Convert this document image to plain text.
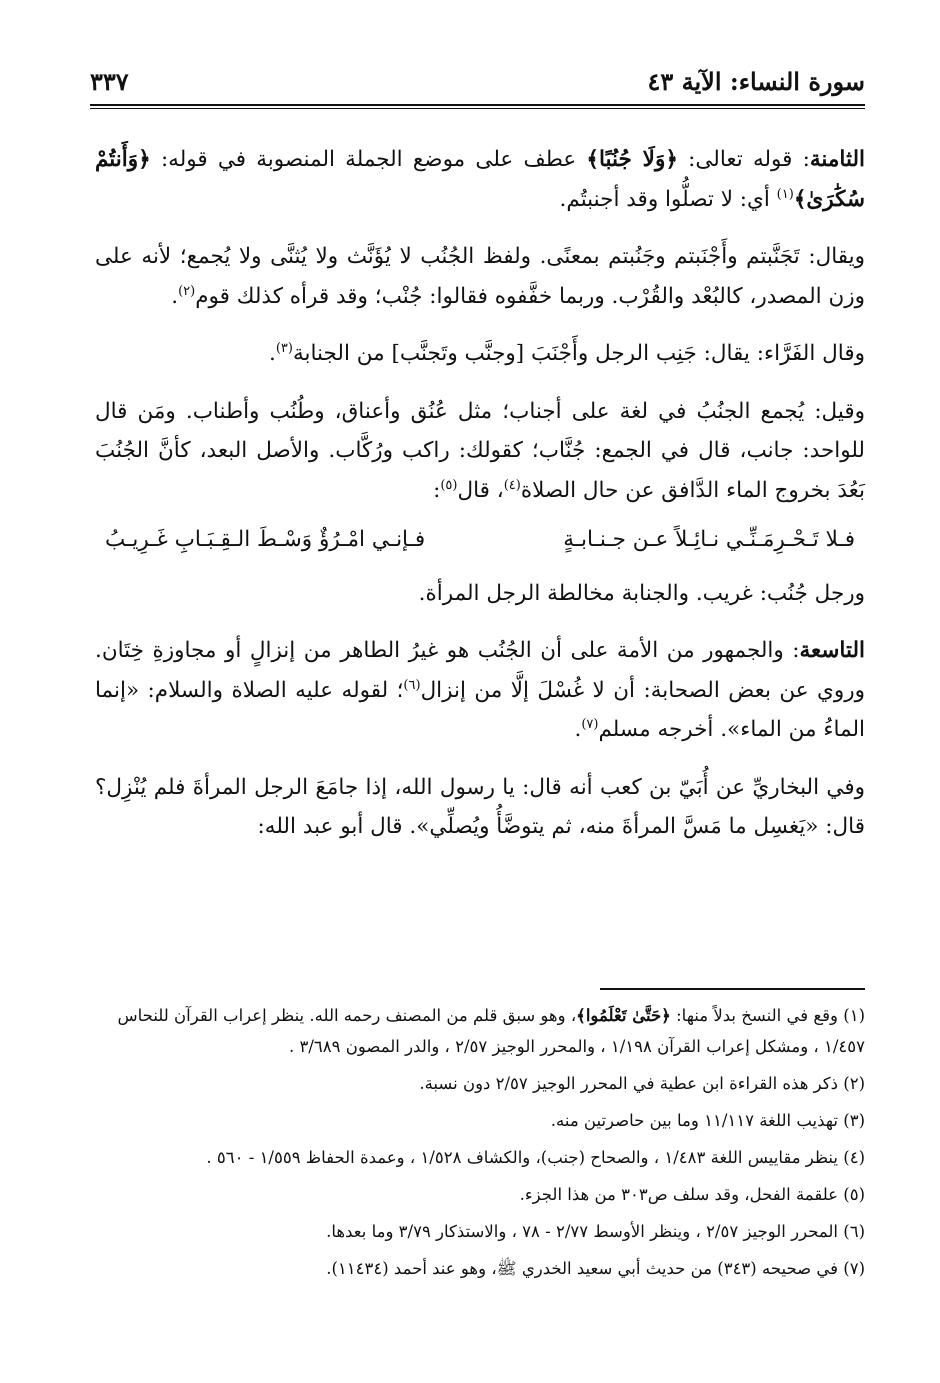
سورة النساء: الآية ٤٣
٣٣٧

الثامنة: قوله تعالى: ﴿وَلَا جُنُبًا﴾ عطف على موضع الجملة المنصوبة في قوله: ﴿وَأَنتُمْ سُكَٰرَىٰ﴾$^{(١)}$ أي: لا تصلُّوا وقد أجنبتُم.

ويقال: تَجَنَّبتم وأَجْنَبتم وجَنُبتم بمعنًى. ولفظ الجُنُب لا يُؤَنَّث ولا يُثنَّى ولا يُجمع؛ لأنه على وزن المصدر، كالبُعْد والقُرْب. وربما خفَّفوه فقالوا: جُنْب؛ وقد قرأه كذلك قوم$^{(٢)}$.

وقال الفَرَّاء: يقال: جَنِب الرجل وأَجْنَبَ [وجنَّب وتَجنَّب] من الجنابة$^{(٣)}$.

وقيل: يُجمع الجنُبُ في لغة على أجناب؛ مثل عُنُق وأعناق، وطُنُب وأطناب. ومَن قال للواحد: جانب، قال في الجمع: جُنَّاب؛ كقولك: راكب ورُكَّاب. والأصل البعد، كأنَّ الجُنُبَ بَعُدَ بخروج الماء الدَّافق عن حال الصلاة$^{(٤)}$، قال$^{(٥)}$:

فـلا تَـحْـرِمَـنِّـي نـائِـلاً عـن جـنـابـةٍ
فـإنـي امْـرُؤٌ وَسْـطَ الـقِـبَـابِ غَـرِيـبُ

ورجل جُنُب: غريب. والجنابة مخالطة الرجل المرأة.

التاسعة: والجمهور من الأمة على أن الجُنُب هو غيرُ الطاهر من إنزالٍ أو مجاوزةِ خِتَان. وروي عن بعض الصحابة: أن لا غُسْلَ إلَّا من إنزال$^{(٦)}$؛ لقوله عليه الصلاة والسلام: «إنما الماءُ من الماء». أخرجه مسلم$^{(٧)}$.

وفي البخاريِّ عن أُبَيّ بن كعب أنه قال: يا رسول الله، إذا جامَعَ الرجل المرأةَ فلم يُنْزِل؟ قال: «يَغسِل ما مَسَّ المرأةَ منه، ثم يتوضَّأُ ويُصلِّي». قال أبو عبد الله:

(١) وقع في النسخ بدلاً منها: ﴿حَتَّىٰ تَعْلَمُوا﴾، وهو سبق قلم من المصنف رحمه الله. ينظر إعراب القرآن للنحاس ١/٤٥٧ ، ومشكل إعراب القرآن ١/١٩٨ ، والمحرر الوجيز ٢/٥٧ ، والدر المصون ٣/٦٨٩ .

(٢) ذكر هذه القراءة ابن عطية في المحرر الوجيز ٢/٥٧ دون نسبة.

(٣) تهذيب اللغة ١١/١١٧ وما بين حاصرتين منه.

(٤) ينظر مقاييس اللغة ١/٤٨٣ ، والصحاح (جنب)، والكشاف ١/٥٢٨ ، وعمدة الحفاظ ١/٥٥٩ - ٥٦٠ .

(٥) علقمة الفحل، وقد سلف ص٣٠٣ من هذا الجزء.

(٦) المحرر الوجيز ٢/٥٧ ، وينظر الأوسط ٢/٧٧ - ٧٨ ، والاستذكار ٣/٧٩ وما بعدها.

(٧) في صحيحه (٣٤٣) من حديث أبي سعيد الخدري ﷺ، وهو عند أحمد (١١٤٣٤).
